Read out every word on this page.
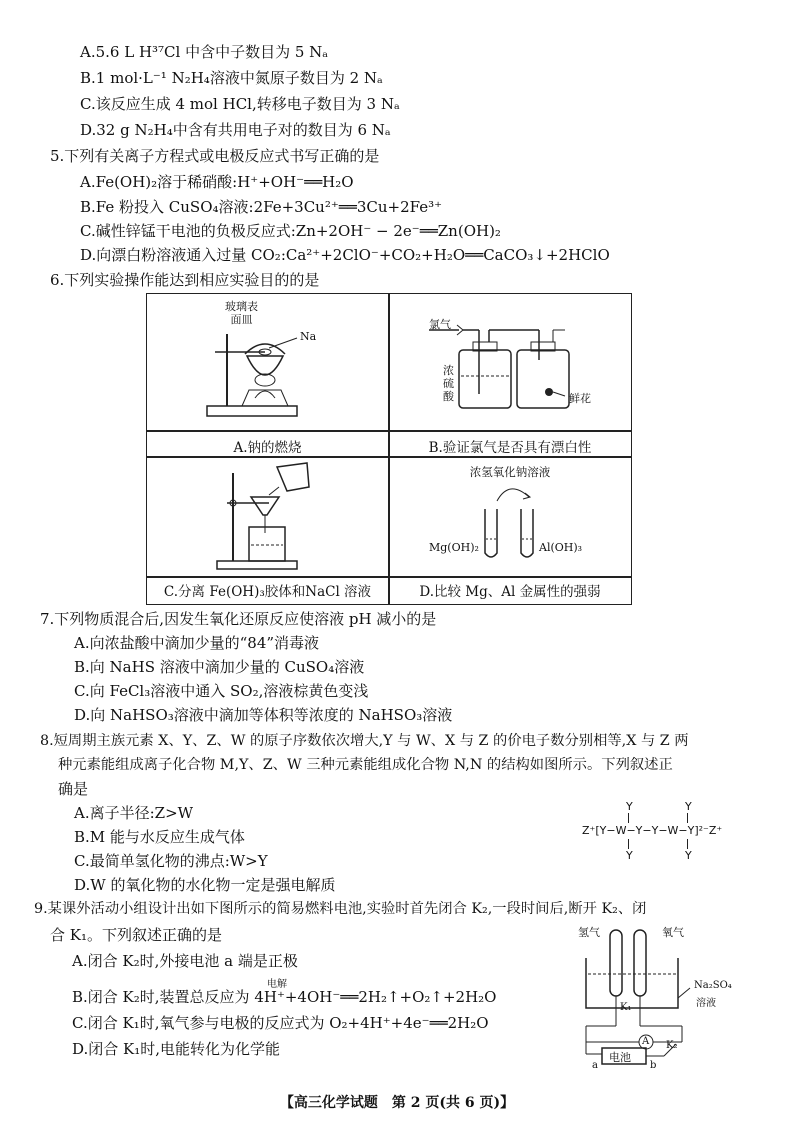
A.5.6 L H³⁷Cl 中含中子数目为 5 Nₐ
B.1 mol·L⁻¹ N₂H₄溶液中氮原子数目为 2 Nₐ
C.该反应生成 4 mol HCl,转移电子数目为 3 Nₐ
D.32 g N₂H₄中含有共用电子对的数目为 6 Nₐ
5.下列有关离子方程式或电极反应式书写正确的是
A.Fe(OH)₂溶于稀硝酸:H⁺+OH⁻══H₂O
B.Fe 粉投入 CuSO₄溶液:2Fe+3Cu²⁺══3Cu+2Fe³⁺
C.碱性锌锰干电池的负极反应式:Zn+2OH⁻ − 2e⁻══Zn(OH)₂
D.向漂白粉溶液通入过量 CO₂:Ca²⁺+2ClO⁻+CO₂+H₂O══CaCO₃↓+2HClO
6.下列实验操作能达到相应实验目的的是
玻璃表
面皿
Na
A.钠的燃烧
氯气
浓
硫
酸	鲜花
B.验证氯气是否具有漂白性
C.分离 Fe(OH)₃胶体和NaCl 溶液
浓氢氧化钠溶液
Mg(OH)₂	Al(OH)₃
D.比较 Mg、Al 金属性的强弱
7.下列物质混合后,因发生氧化还原反应使溶液 pH 减小的是
A.向浓盐酸中滴加少量的“84”消毒液
B.向 NaHS 溶液中滴加少量的 CuSO₄溶液
C.向 FeCl₃溶液中通入 SO₂,溶液棕黄色变浅
D.向 NaHSO₃溶液中滴加等体积等浓度的 NaHSO₃溶液
8.短周期主族元素 X、Y、Z、W 的原子序数依次增大,Y 与 W、X 与 Z 的价电子数分别相等,X 与 Z 两
种元素能组成离子化合物 M,Y、Z、W 三种元素能组成化合物 N,N 的结构如图所示。下列叙述正
确是
A.离子半径:Z>W
B.M 能与水反应生成气体
C.最简单氢化物的沸点:W>Y
D.W 的氧化物的水化物一定是强电解质
Y	Y
Z⁺[Y−W−Y−Y−W−Y]²⁻Z⁺
Y	Y
9.某课外活动小组设计出如下图所示的简易燃料电池,实验时首先闭合 K₂,一段时间后,断开 K₂、闭
合 K₁。下列叙述正确的是
A.闭合 K₂时,外接电池 a 端是正极
B.闭合 K₂时,装置总反应为 4H⁺+4OH⁻══2H₂↑+O₂↑+2H₂O
电解
C.闭合 K₁时,氧气参与电极的反应式为 O₂+4H⁺+4e⁻══2H₂O
D.闭合 K₁时,电能转化为化学能
氢气	氧气
Na₂SO₄
溶液
K₁
A K₂
电池
a	b
【高三化学试题　第 2 页(共 6 页)】
